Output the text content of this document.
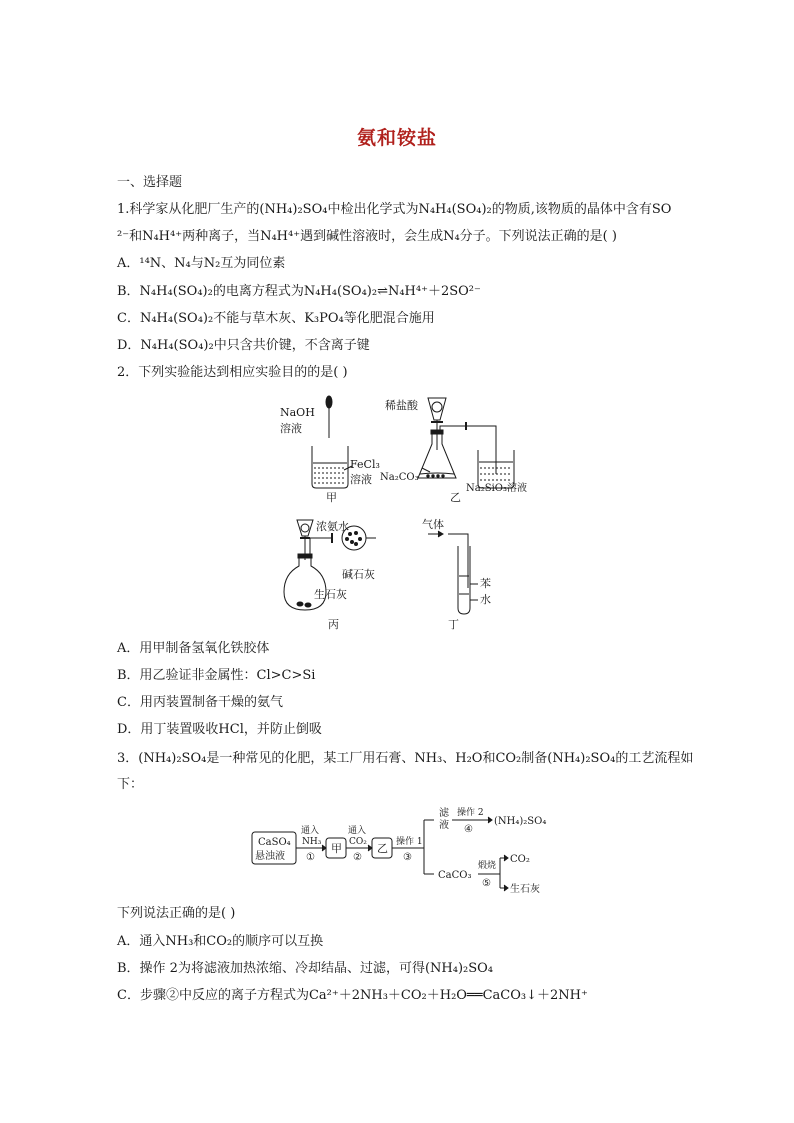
氨和铵盐
一、选择题
1.科学家从化肥厂生产的(NH₄)₂SO₄中检出化学式为N₄H₄(SO₄)₂的物质,该物质的晶体中含有SO
²⁻和N₄H⁴⁺两种离子，当N₄H⁴⁺遇到碱性溶液时，会生成N₄分子。下列说法正确的是( )
A．¹⁴N、N₄与N₂互为同位素
B．N₄H₄(SO₄)₂的电离方程式为N₄H₄(SO₄)₂⇌N₄H⁴⁺＋2SO²⁻
C．N₄H₄(SO₄)₂不能与草木灰、K₃PO₄等化肥混合施用
D．N₄H₄(SO₄)₂中只含共价键，不含离子键
2．下列实验能达到相应实验目的的是( )
NaOH
溶液
FeCl₃
溶液
甲
稀盐酸
Na₂CO₃
Na₂SiO₃溶液
乙
浓氨水
碱石灰
生石灰
丙
气体
苯
水
丁
A．用甲制备氢氧化铁胶体
B．用乙验证非金属性：Cl>C>Si
C．用丙装置制备干燥的氨气
D．用丁装置吸收HCl，并防止倒吸
3．(NH₄)₂SO₄是一种常见的化肥，某工厂用石膏、NH₃、H₂O和CO₂制备(NH₄)₂SO₄的工艺流程如
下：
CaSO₄
悬浊液
通入
NH₃
①
甲
通入
CO₂
②
乙 操作 1
③
滤
液
操作 2
④
(NH₄)₂SO₄
CaCO₃
煅烧
⑤
CO₂
生石灰
下列说法正确的是( )
A．通入NH₃和CO₂的顺序可以互换
B．操作 2为将滤液加热浓缩、冷却结晶、过滤，可得(NH₄)₂SO₄
C．步骤②中反应的离子方程式为Ca²⁺＋2NH₃＋CO₂＋H₂O══CaCO₃↓＋2NH⁺
